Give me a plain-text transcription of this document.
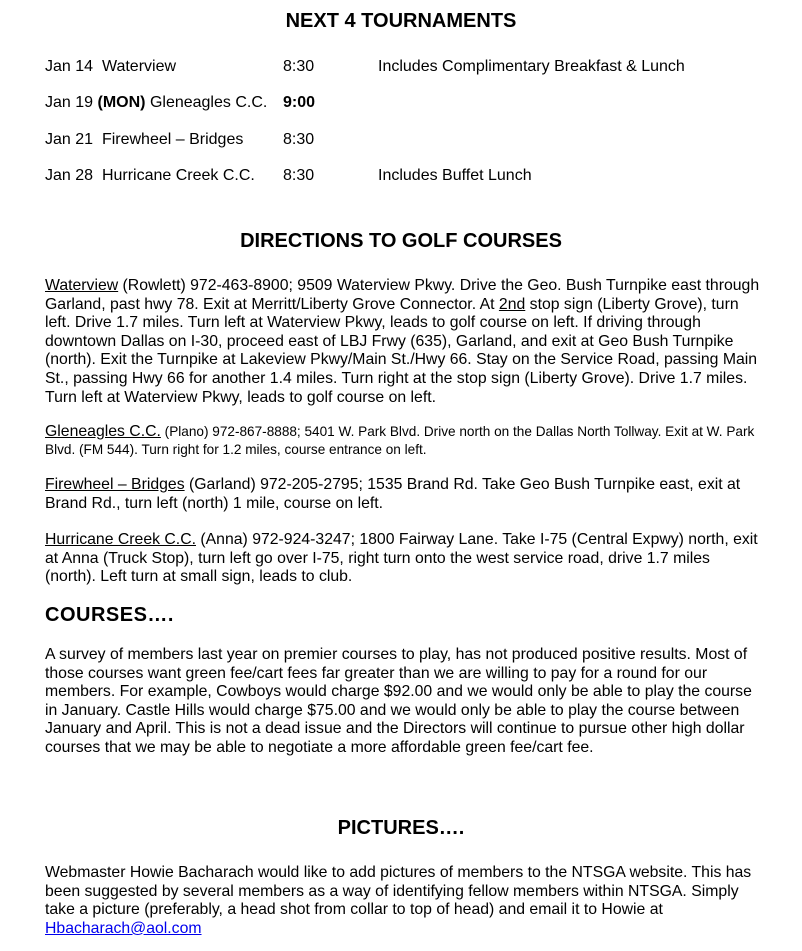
NEXT 4 TOURNAMENTS
Jan 14 Waterview	8:30	Includes Complimentary Breakfast & Lunch
Jan 19 (MON) Gleneagles C.C. 9:00
Jan 21 Firewheel – Bridges 8:30
Jan 28 Hurricane Creek C.C. 8:30	Includes Buffet Lunch
DIRECTIONS TO GOLF COURSES
Waterview (Rowlett) 972-463-8900; 9509 Waterview Pkwy. Drive the Geo. Bush Turnpike east through Garland, past hwy 78. Exit at Merritt/Liberty Grove Connector. At 2nd stop sign (Liberty Grove), turn left. Drive 1.7 miles. Turn left at Waterview Pkwy, leads to golf course on left. If driving through downtown Dallas on I-30, proceed east of LBJ Frwy (635), Garland, and exit at Geo Bush Turnpike (north). Exit the Turnpike at Lakeview Pkwy/Main St./Hwy 66. Stay on the Service Road, passing Main St., passing Hwy 66 for another 1.4 miles. Turn right at the stop sign (Liberty Grove). Drive 1.7 miles. Turn left at Waterview Pkwy, leads to golf course on left.
Gleneagles C.C. (Plano) 972-867-8888; 5401 W. Park Blvd. Drive north on the Dallas North Tollway. Exit at W. Park Blvd. (FM 544). Turn right for 1.2 miles, course entrance on left.
Firewheel – Bridges (Garland) 972-205-2795; 1535 Brand Rd. Take Geo Bush Turnpike east, exit at Brand Rd., turn left (north) 1 mile, course on left.
Hurricane Creek C.C. (Anna) 972-924-3247; 1800 Fairway Lane. Take I-75 (Central Expwy) north, exit at Anna (Truck Stop), turn left go over I-75, right turn onto the west service road, drive 1.7 miles (north). Left turn at small sign, leads to club.
COURSES….
A survey of members last year on premier courses to play, has not produced positive results. Most of those courses want green fee/cart fees far greater than we are willing to pay for a round for our members. For example, Cowboys would charge $92.00 and we would only be able to play the course in January. Castle Hills would charge $75.00 and we would only be able to play the course between January and April. This is not a dead issue and the Directors will continue to pursue other high dollar courses that we may be able to negotiate a more affordable green fee/cart fee.
PICTURES….
Webmaster Howie Bacharach would like to add pictures of members to the NTSGA website. This has been suggested by several members as a way of identifying fellow members within NTSGA. Simply take a picture (preferably, a head shot from collar to top of head) and email it to Howie at Hbacharach@aol.com
